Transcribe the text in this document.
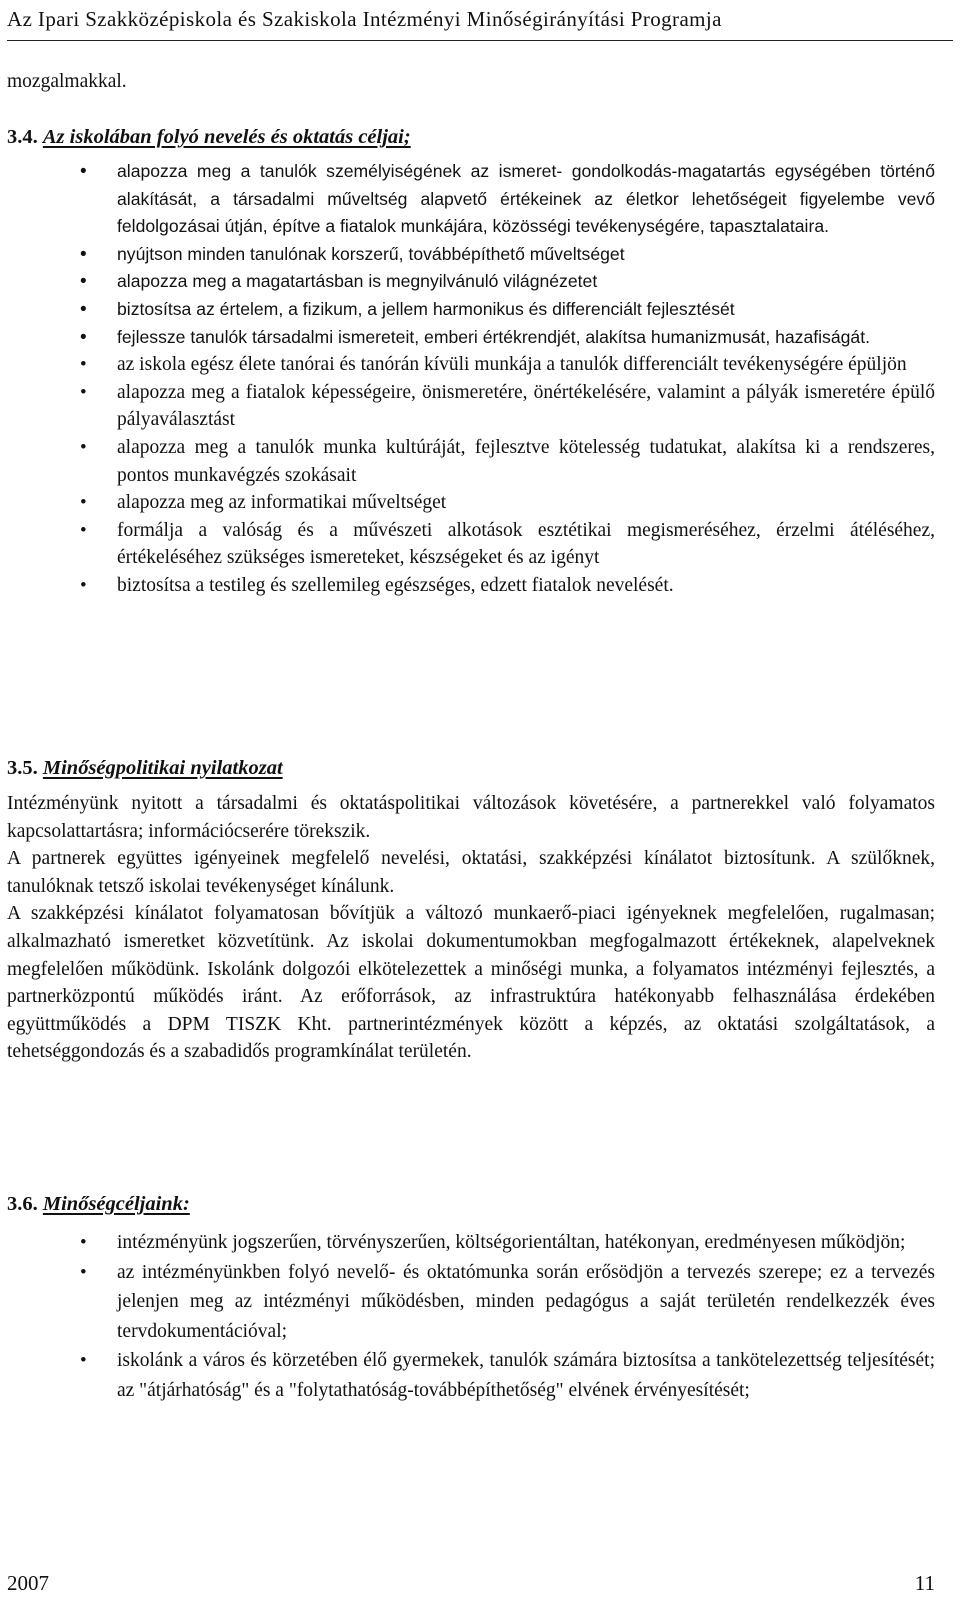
Az Ipari Szakközépiskola és Szakiskola Intézményi Minőségirányítási Programja
mozgalmakkal.
3.4. Az iskolában folyó nevelés és oktatás céljai;
• alapozza meg a tanulók személyiségének az ismeret- gondolkodás-magatartás egységében történő alakítását, a társadalmi műveltség alapvető értékeinek az életkor lehetőségeit figyelembe vevő feldolgozásai útján, építve a fiatalok munkájára, közösségi tevékenységére, tapasztalataira.
• nyújtson minden tanulónak korszerű, továbbépíthető műveltséget
• alapozza meg a magatartásban is megnyilvánuló világnézetet
• biztosítsa az értelem, a fizikum, a jellem harmonikus és differenciált fejlesztését
• fejlessze tanulók társadalmi ismereteit, emberi értékrendjét, alakítsa humanizmusát, hazafiságát.
• az iskola egész élete tanórai és tanórán kívüli munkája a tanulók differenciált tevékenységére épüljön
• alapozza meg a fiatalok képességeire, önismeretére, önértékelésére, valamint a pályák ismeretére épülő pályaválasztást
• alapozza meg a tanulók munka kultúráját, fejlesztve kötelesség tudatukat, alakítsa ki a rendszeres, pontos munkavégzés szokásait
• alapozza meg az informatikai műveltséget
• formálja a valóság és a művészeti alkotások esztétikai megismeréséhez, érzelmi átéléséhez, értékeléséhez szükséges ismereteket, készségeket és az igényt
• biztosítsa a testileg és szellemileg egészséges, edzett fiatalok nevelését.
3.5. Minőségpolitikai nyilatkozat

Intézményünk nyitott a társadalmi és oktatáspolitikai változások követésére, a partnerekkel való folyamatos kapcsolattartásra; információcserére törekszik.

A partnerek együttes igényeinek megfelelő nevelési, oktatási, szakképzési kínálatot biztosítunk. A szülőknek, tanulóknak tetsző iskolai tevékenységet kínálunk.

A szakképzési kínálatot folyamatosan bővítjük a változó munkaerő-piaci igényeknek megfelelően, rugalmasan; alkalmazható ismeretket közvetítünk. Az iskolai dokumentumokban megfogalmazott értékeknek, alapelveknek megfelelően működünk. Iskolánk dolgozói elkötelezettek a minőségi munka, a folyamatos intézményi fejlesztés, a partnerközpontú működés iránt. Az erőforrások, az infrastruktúra hatékonyabb felhasználása érdekében együttműködés a DPM TISZK Kht. partnerintézmények között a képzés, az oktatási szolgáltatások, a tehetséggondozás és a szabadidős programkínálat területén.

3.6. Minőségcéljaink:
• intézményünk jogszerűen, törvényszerűen, költségorientáltan, hatékonyan, eredményesen működjön;
• az intézményünkben folyó nevelő- és oktatómunka során erősödjön a tervezés szerepe; ez a tervezés jelenjen meg az intézményi működésben, minden pedagógus a saját területén rendelkezzék éves tervdokumentációval;
• iskolánk a város és körzetében élő gyermekek, tanulók számára biztosítsa a tankötelezettség teljesítését; az "átjárhatóság" és a "folytathatóság-továbbépíthetőség" elvének érvényesítését;
2007	11
